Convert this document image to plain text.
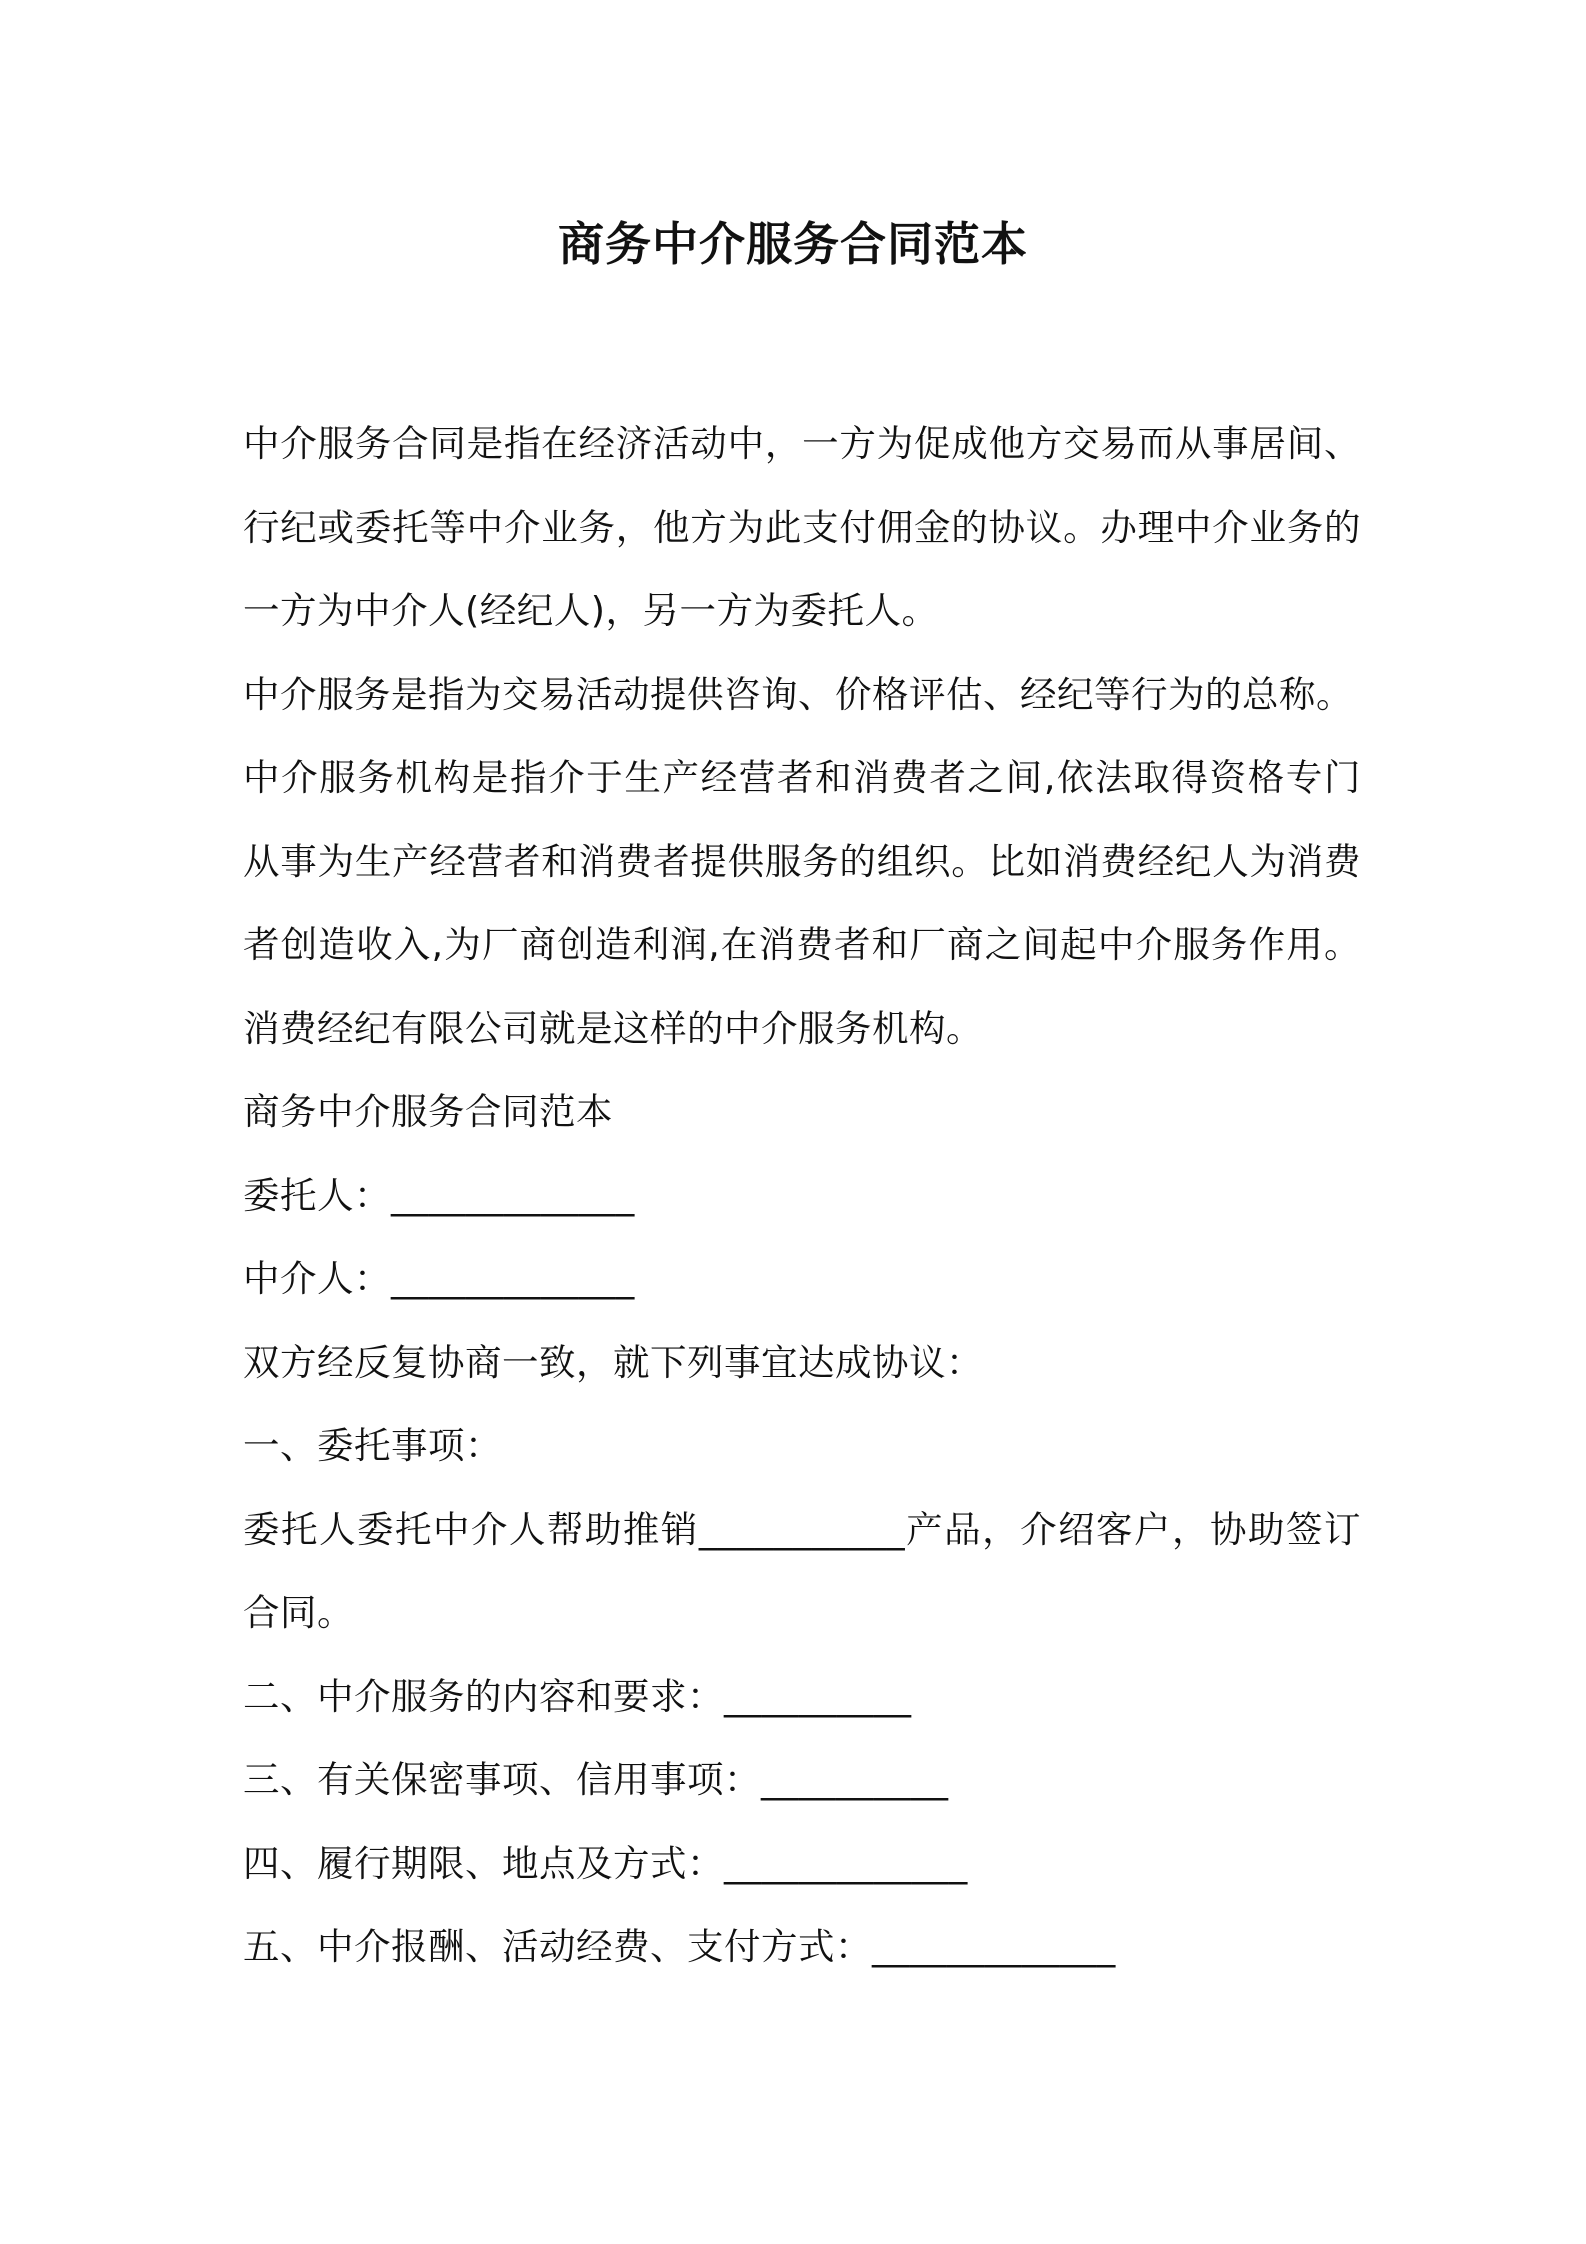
商务中介服务合同范本

中介服务合同是指在经济活动中，一方为促成他方交易而从事居间、行纪或委托等中介业务，他方为此支付佣金的协议。办理中介业务的一方为中介人(经纪人)，另一方为委托人。

中介服务是指为交易活动提供咨询、价格评估、经纪等行为的总称。

中介服务机构是指介于生产经营者和消费者之间,依法取得资格专门从事为生产经营者和消费者提供服务的组织。比如消费经纪人为消费者创造收入,为厂商创造利润,在消费者和厂商之间起中介服务作用。消费经纪有限公司就是这样的中介服务机构。

商务中介服务合同范本

委托人：_____________

中介人：_____________

双方经反复协商一致，就下列事宜达成协议：

一、委托事项：

委托人委托中介人帮助推销___________产品，介绍客户，协助签订合同。

二、中介服务的内容和要求：__________

三、有关保密事项、信用事项：__________

四、履行期限、地点及方式：_____________

五、中介报酬、活动经费、支付方式：_____________
